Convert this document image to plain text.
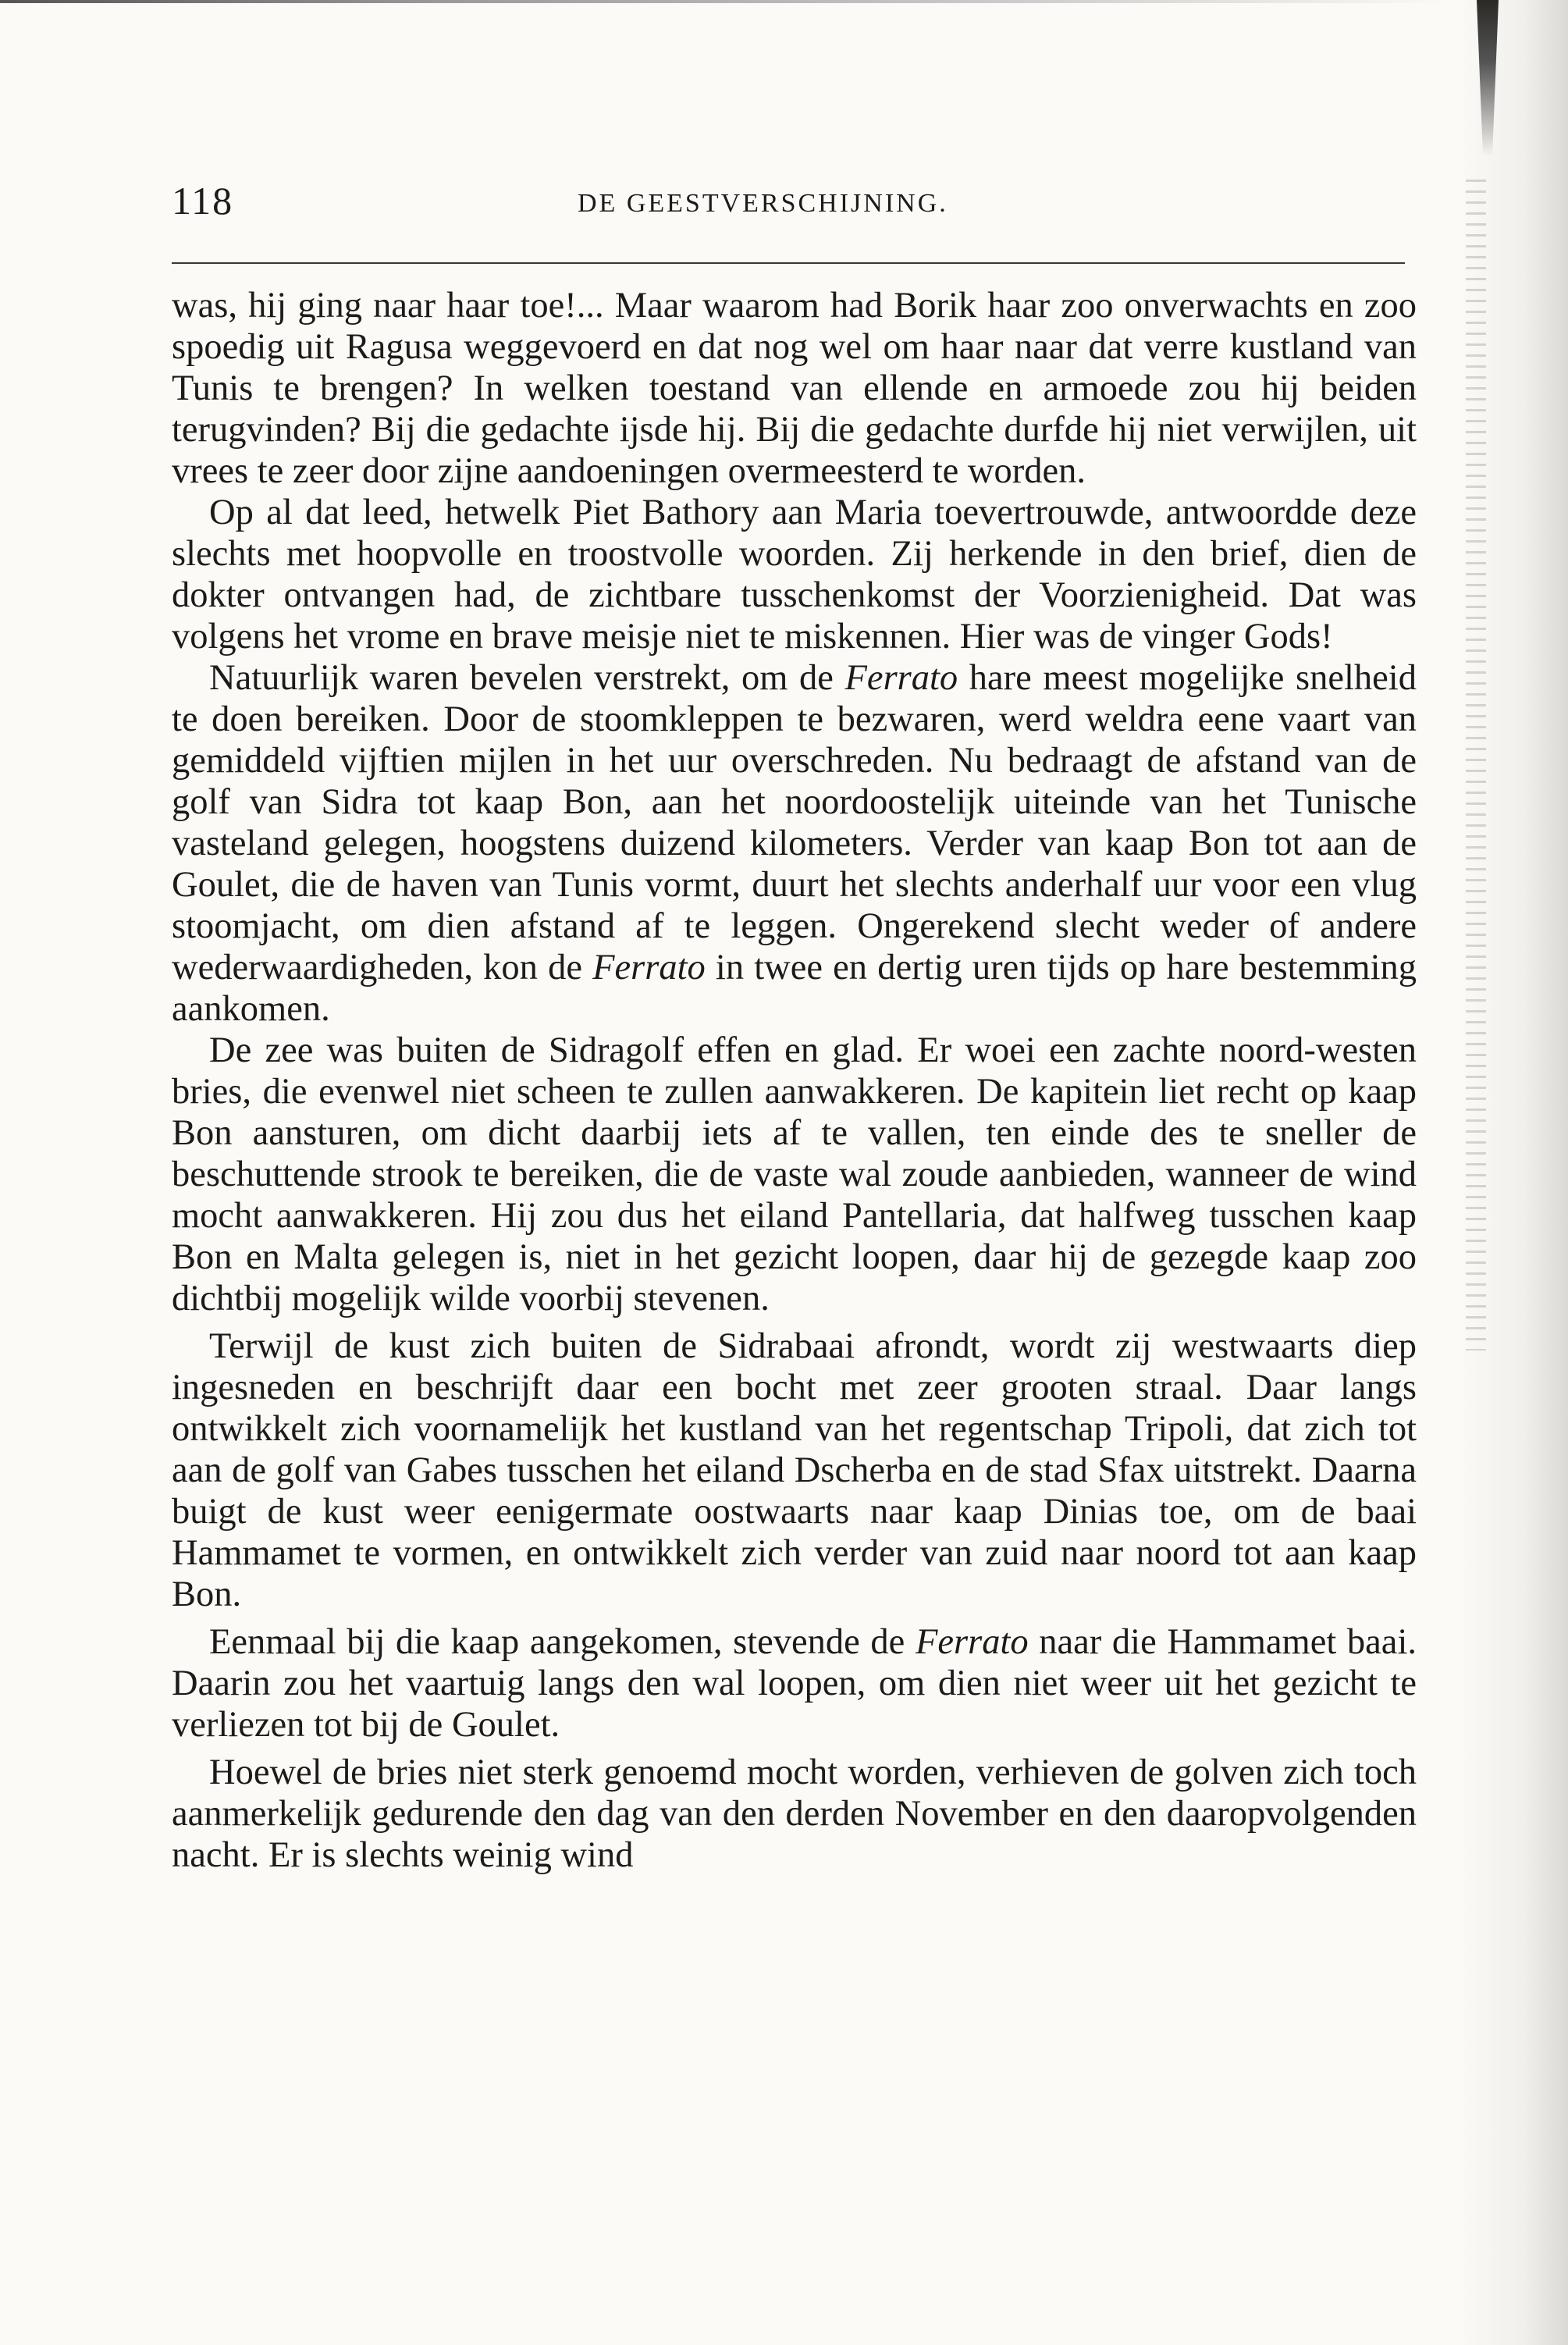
118	DE GEESTVERSCHIJNING.

was, hij ging naar haar toe!... Maar waarom had Borik haar zoo onverwachts en zoo spoedig uit Ragusa weggevoerd en dat nog wel om haar naar dat verre kustland van Tunis te brengen? In welken toestand van ellende en armoede zou hij beiden terugvinden? Bij die gedachte ijsde hij. Bij die gedachte durfde hij niet verwijlen, uit vrees te zeer door zijne aandoeningen overmeesterd te worden.

Op al dat leed, hetwelk Piet Bathory aan Maria toevertrouwde, antwoordde deze slechts met hoopvolle en troostvolle woorden. Zij herkende in den brief, dien de dokter ontvangen had, de zichtbare tusschenkomst der Voorzienigheid. Dat was volgens het vrome en brave meisje niet te miskennen. Hier was de vinger Gods!

Natuurlijk waren bevelen verstrekt, om de Ferrato hare meest mogelijke snelheid te doen bereiken. Door de stoomkleppen te bezwaren, werd weldra eene vaart van gemiddeld vijftien mijlen in het uur overschreden. Nu bedraagt de afstand van de golf van Sidra tot kaap Bon, aan het noordoostelijk uiteinde van het Tunische vasteland gelegen, hoogstens duizend kilometers. Verder van kaap Bon tot aan de Goulet, die de haven van Tunis vormt, duurt het slechts anderhalf uur voor een vlug stoomjacht, om dien afstand af te leggen. Ongerekend slecht weder of andere wederwaardigheden, kon de Ferrato in twee en dertig uren tijds op hare bestemming aankomen.

De zee was buiten de Sidragolf effen en glad. Er woei een zachte noord-westen bries, die evenwel niet scheen te zullen aanwakkeren. De kapitein liet recht op kaap Bon aansturen, om dicht daarbij iets af te vallen, ten einde des te sneller de beschuttende strook te bereiken, die de vaste wal zoude aanbieden, wanneer de wind mocht aanwakkeren. Hij zou dus het eiland Pantellaria, dat halfweg tusschen kaap Bon en Malta gelegen is, niet in het gezicht loopen, daar hij de gezegde kaap zoo dichtbij mogelijk wilde voorbij stevenen.

Terwijl de kust zich buiten de Sidrabaai afrondt, wordt zij westwaarts diep ingesneden en beschrijft daar een bocht met zeer grooten straal. Daar langs ontwikkelt zich voornamelijk het kustland van het regentschap Tripoli, dat zich tot aan de golf van Gabes tusschen het eiland Dscherba en de stad Sfax uitstrekt. Daarna buigt de kust weer eenigermate oostwaarts naar kaap Dinias toe, om de baai Hammamet te vormen, en ontwikkelt zich verder van zuid naar noord tot aan kaap Bon.

Eenmaal bij die kaap aangekomen, stevende de Ferrato naar die Hammamet baai. Daarin zou het vaartuig langs den wal loopen, om dien niet weer uit het gezicht te verliezen tot bij de Goulet.

Hoewel de bries niet sterk genoemd mocht worden, verhieven de golven zich toch aanmerkelijk gedurende den dag van den derden November en den daaropvolgenden nacht. Er is slechts weinig wind
